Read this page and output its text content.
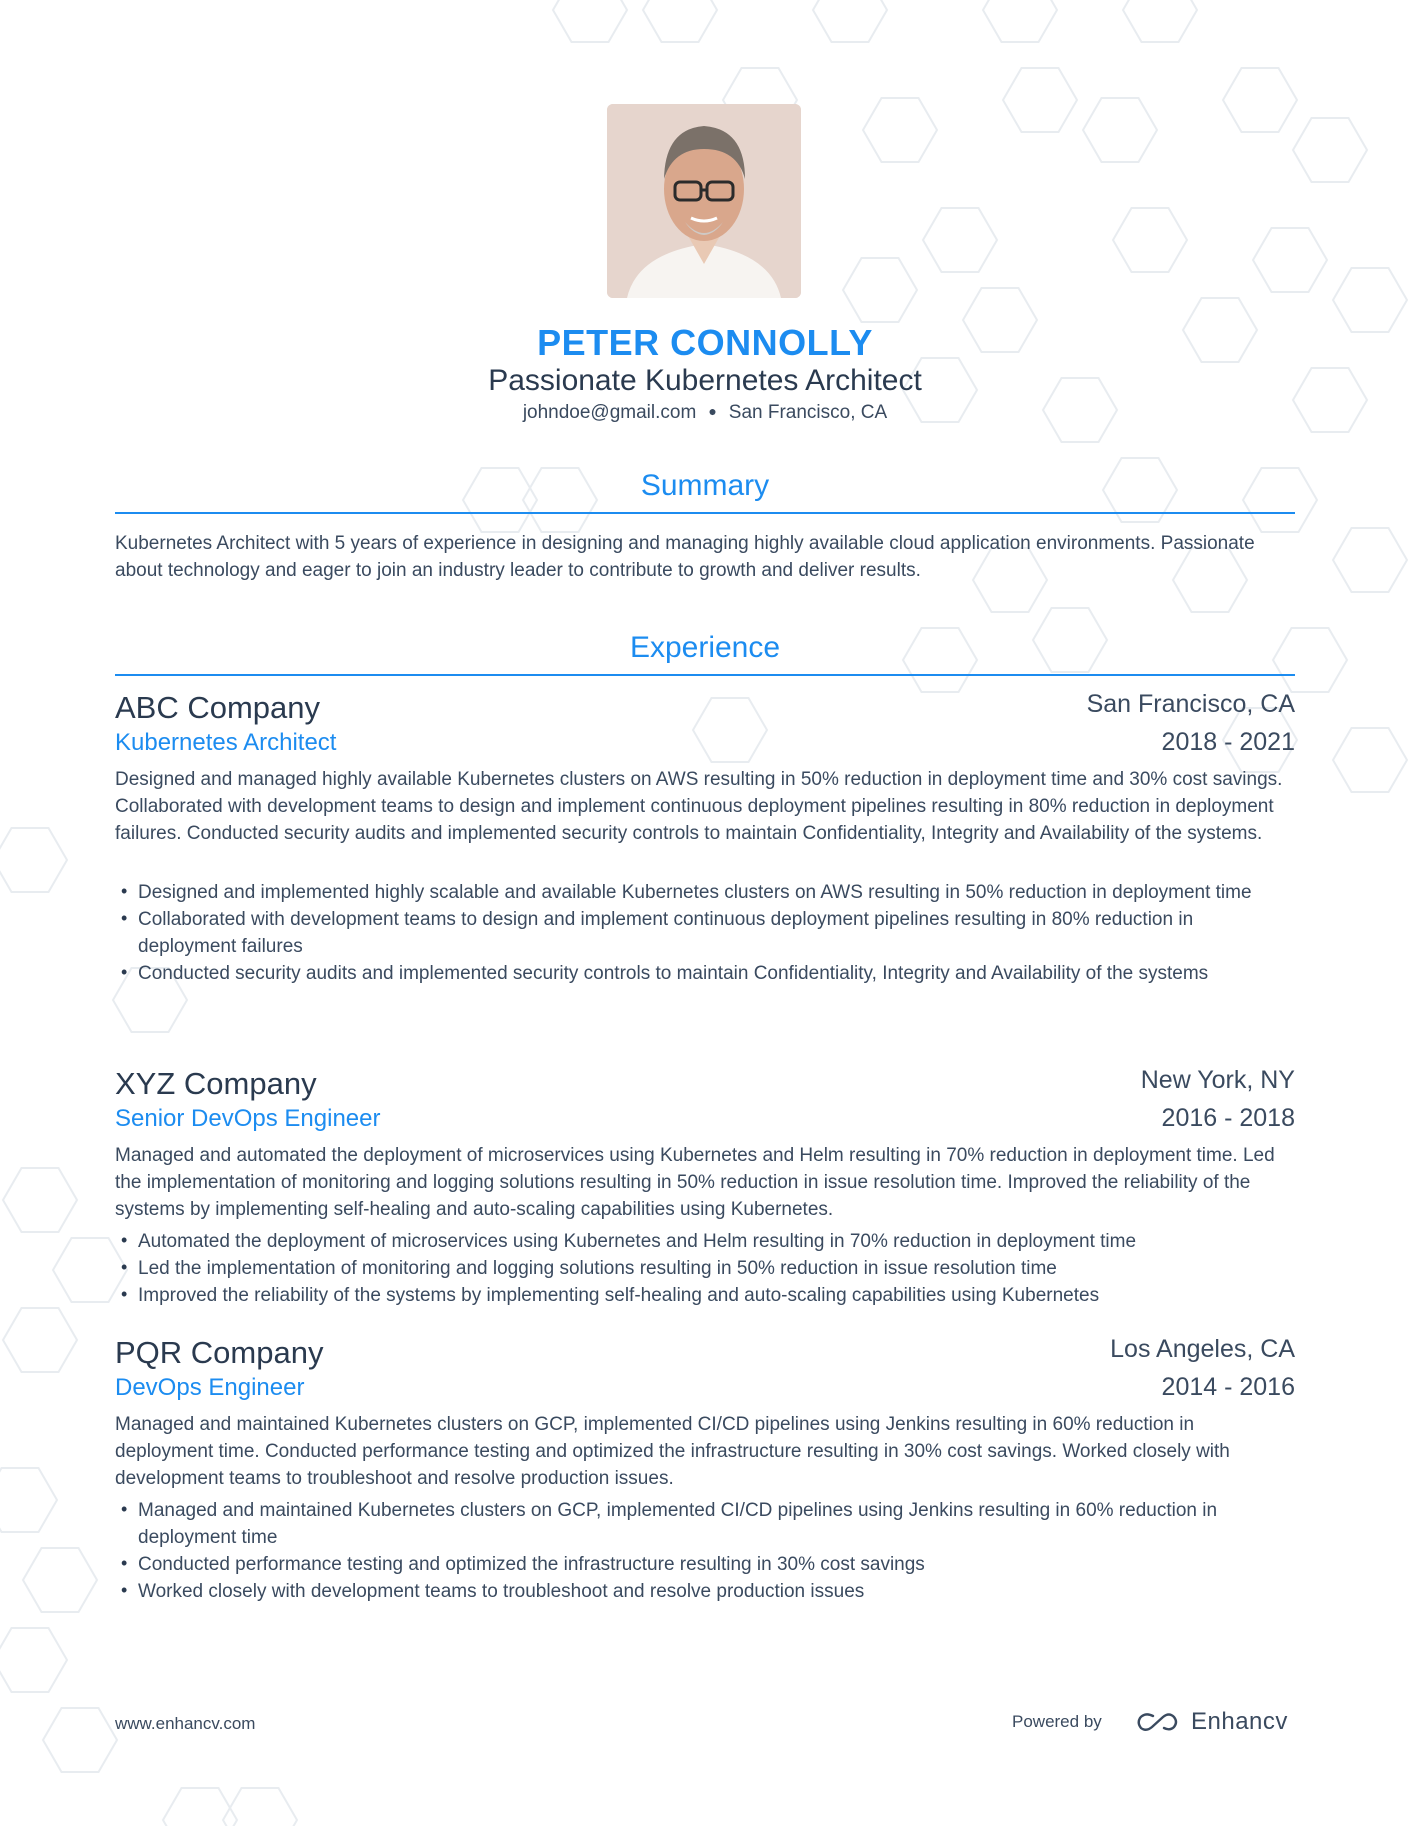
PETER CONNOLLY
Passionate Kubernetes Architect
johndoe@gmail.com ● San Francisco, CA
Summary
Kubernetes Architect with 5 years of experience in designing and managing highly available cloud application environments. Passionate about technology and eager to join an industry leader to contribute to growth and deliver results.
Experience
ABC Company	San Francisco, CA
Kubernetes Architect	2018 - 2021
Designed and managed highly available Kubernetes clusters on AWS resulting in 50% reduction in deployment time and 30% cost savings. Collaborated with development teams to design and implement continuous deployment pipelines resulting in 80% reduction in deployment failures. Conducted security audits and implemented security controls to maintain Confidentiality, Integrity and Availability of the systems.
• Designed and implemented highly scalable and available Kubernetes clusters on AWS resulting in 50% reduction in deployment time
• Collaborated with development teams to design and implement continuous deployment pipelines resulting in 80% reduction in deployment failures
• Conducted security audits and implemented security controls to maintain Confidentiality, Integrity and Availability of the systems
XYZ Company	New York, NY
Senior DevOps Engineer	2016 - 2018
Managed and automated the deployment of microservices using Kubernetes and Helm resulting in 70% reduction in deployment time. Led the implementation of monitoring and logging solutions resulting in 50% reduction in issue resolution time. Improved the reliability of the systems by implementing self-healing and auto-scaling capabilities using Kubernetes.
• Automated the deployment of microservices using Kubernetes and Helm resulting in 70% reduction in deployment time
• Led the implementation of monitoring and logging solutions resulting in 50% reduction in issue resolution time
• Improved the reliability of the systems by implementing self-healing and auto-scaling capabilities using Kubernetes
PQR Company	Los Angeles, CA
DevOps Engineer	2014 - 2016
Managed and maintained Kubernetes clusters on GCP, implemented CI/CD pipelines using Jenkins resulting in 60% reduction in deployment time. Conducted performance testing and optimized the infrastructure resulting in 30% cost savings. Worked closely with development teams to troubleshoot and resolve production issues.
• Managed and maintained Kubernetes clusters on GCP, implemented CI/CD pipelines using Jenkins resulting in 60% reduction in deployment time
• Conducted performance testing and optimized the infrastructure resulting in 30% cost savings
• Worked closely with development teams to troubleshoot and resolve production issues
www.enhancv.com	Powered by	Enhancv
